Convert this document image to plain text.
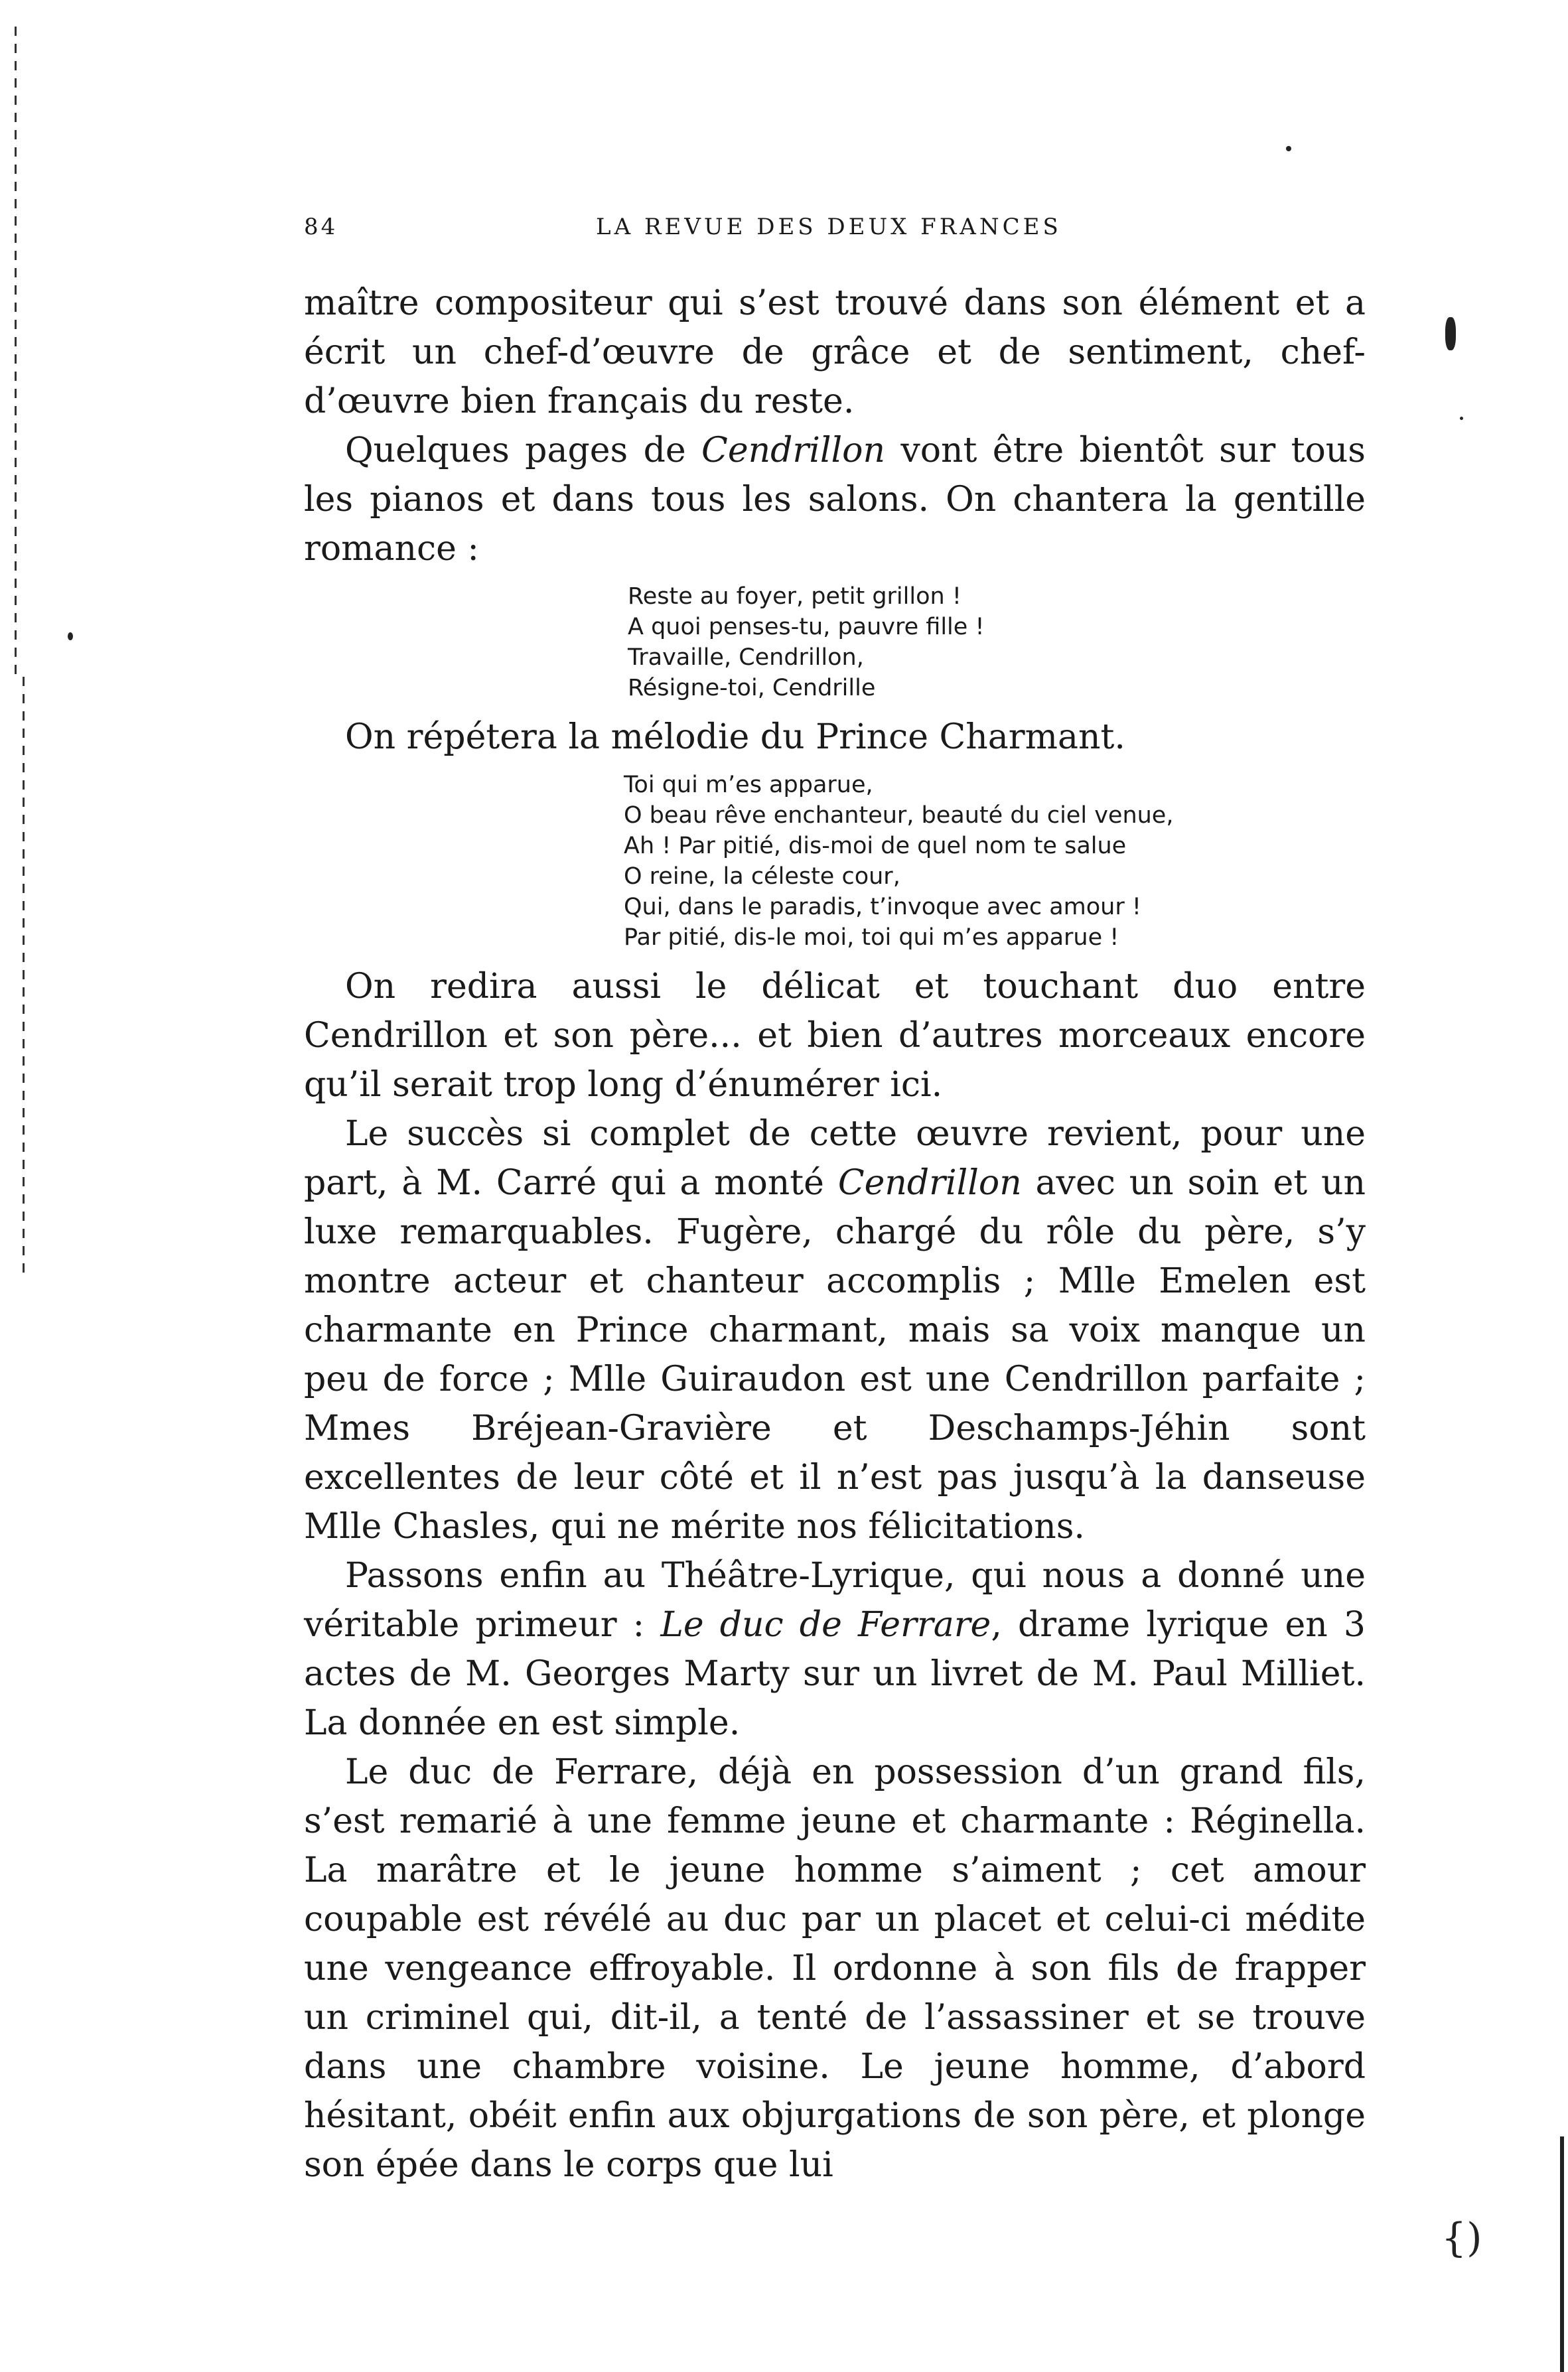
{)
84	LA REVUE DES DEUX FRANCES

maître compositeur qui s’est trouvé dans son élément et a écrit un chef-d’œuvre de grâce et de sentiment, chef-d’œuvre bien français du reste.

Quelques pages de Cendrillon vont être bientôt sur tous les pianos et dans tous les salons. On chantera la gentille romance :

Reste au foyer, petit grillon !
A quoi penses-tu, pauvre fille !
Travaille, Cendrillon,
Résigne-toi, Cendrille

On répétera la mélodie du Prince Charmant.

Toi qui m’es apparue,
O beau rêve enchanteur, beauté du ciel venue,
Ah ! Par pitié, dis-moi de quel nom te salue
O reine, la céleste cour,
Qui, dans le paradis, t’invoque avec amour !
Par pitié, dis-le moi, toi qui m’es apparue !

On redira aussi le délicat et touchant duo entre Cendrillon et son père... et bien d’autres morceaux encore qu’il serait trop long d’énumérer ici.

Le succès si complet de cette œuvre revient, pour une part, à M. Carré qui a monté Cendrillon avec un soin et un luxe remarquables. Fugère, chargé du rôle du père, s’y montre acteur et chanteur accomplis ; Mlle Emelen est charmante en Prince charmant, mais sa voix manque un peu de force ; Mlle Guiraudon est une Cendrillon parfaite ; Mmes Bréjean-Gravière et Deschamps-Jéhin sont excellentes de leur côté et il n’est pas jusqu’à la danseuse Mlle Chasles, qui ne mérite nos félicitations.

Passons enfin au Théâtre-Lyrique, qui nous a donné une véritable primeur : Le duc de Ferrare, drame lyrique en 3 actes de M. Georges Marty sur un livret de M. Paul Milliet. La donnée en est simple.

Le duc de Ferrare, déjà en possession d’un grand fils, s’est remarié à une femme jeune et charmante : Réginella. La marâtre et le jeune homme s’aiment ; cet amour coupable est révélé au duc par un placet et celui-ci médite une vengeance effroyable. Il ordonne à son fils de frapper un criminel qui, dit-il, a tenté de l’assassiner et se trouve dans une chambre voisine. Le jeune homme, d’abord hésitant, obéit enfin aux objurgations de son père, et plonge son épée dans le corps que lui
